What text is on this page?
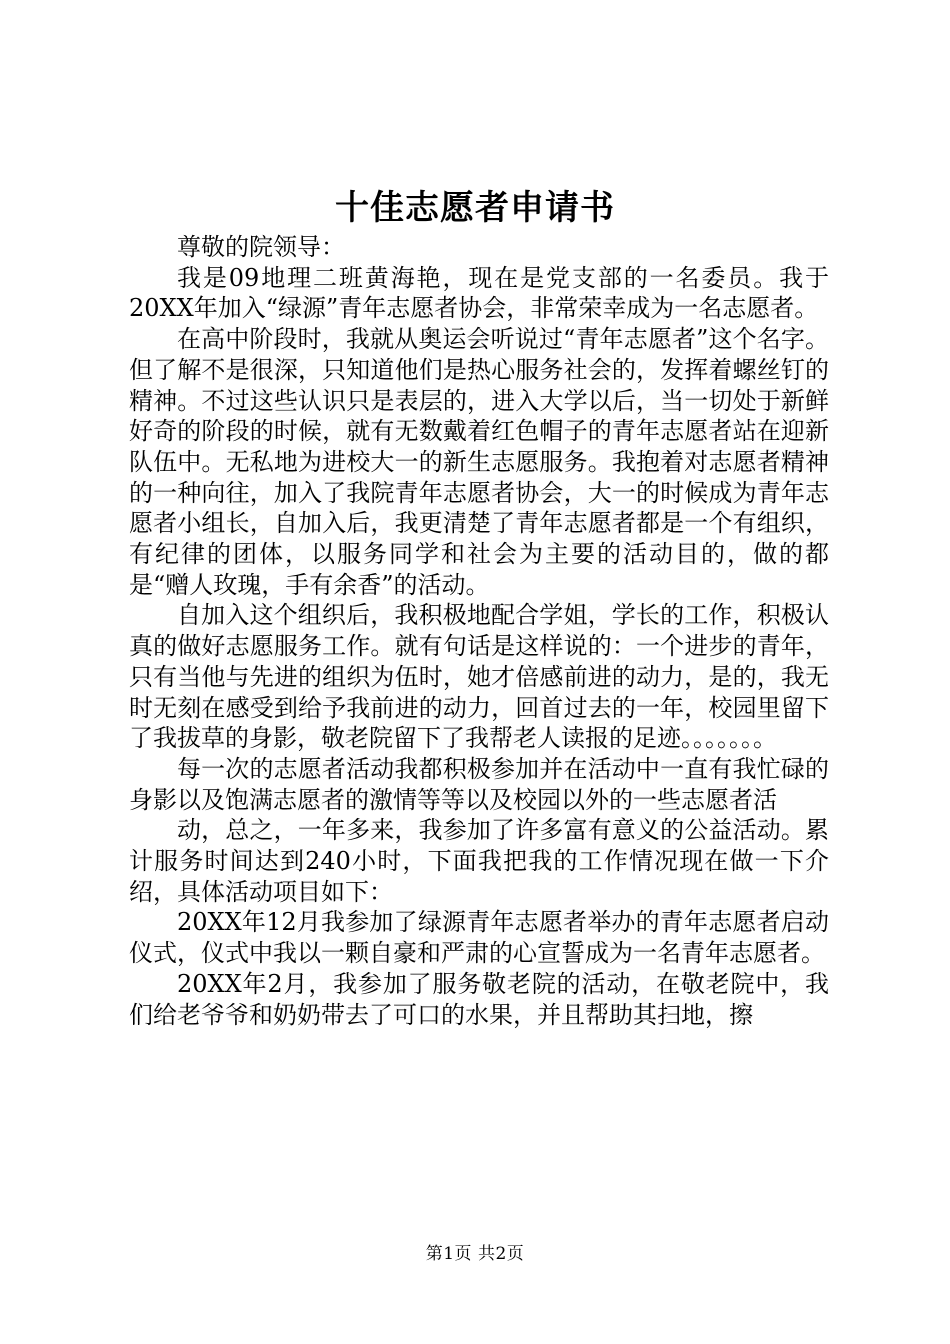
十佳志愿者申请书

尊敬的院领导：

我是09地理二班黄海艳，现在是党支部的一名委员。我于20XX年加入“绿源”青年志愿者协会，非常荣幸成为一名志愿者。

在高中阶段时，我就从奥运会听说过“青年志愿者”这个名字。但了解不是很深，只知道他们是热心服务社会的，发挥着螺丝钉的精神。不过这些认识只是表层的，进入大学以后，当一切处于新鲜好奇的阶段的时候，就有无数戴着红色帽子的青年志愿者站在迎新队伍中。无私地为进校大一的新生志愿服务。我抱着对志愿者精神的一种向往，加入了我院青年志愿者协会，大一的时候成为青年志愿者小组长，自加入后，我更清楚了青年志愿者都是一个有组织，有纪律的团体，以服务同学和社会为主要的活动目的，做的都是“赠人玫瑰，手有余香”的活动。

自加入这个组织后，我积极地配合学姐，学长的工作，积极认真的做好志愿服务工作。就有句话是这样说的：一个进步的青年，只有当他与先进的组织为伍时，她才倍感前进的动力，是的，我无时无刻在感受到给予我前进的动力，回首过去的一年，校园里留下了我拔草的身影，敬老院留下了我帮老人读报的足迹。。。。。。。

每一次的志愿者活动我都积极参加并在活动中一直有我忙碌的身影以及饱满志愿者的激情等等以及校园以外的一些志愿者活

动，总之，一年多来，我参加了许多富有意义的公益活动。累计服务时间达到240小时，下面我把我的工作情况现在做一下介绍，具体活动项目如下：

20XX年12月我参加了绿源青年志愿者举办的青年志愿者启动仪式，仪式中我以一颗自豪和严肃的心宣誓成为一名青年志愿者。

20XX年2月，我参加了服务敬老院的活动，在敬老院中，我们给老爷爷和奶奶带去了可口的水果，并且帮助其扫地，擦

第1页 共2页
